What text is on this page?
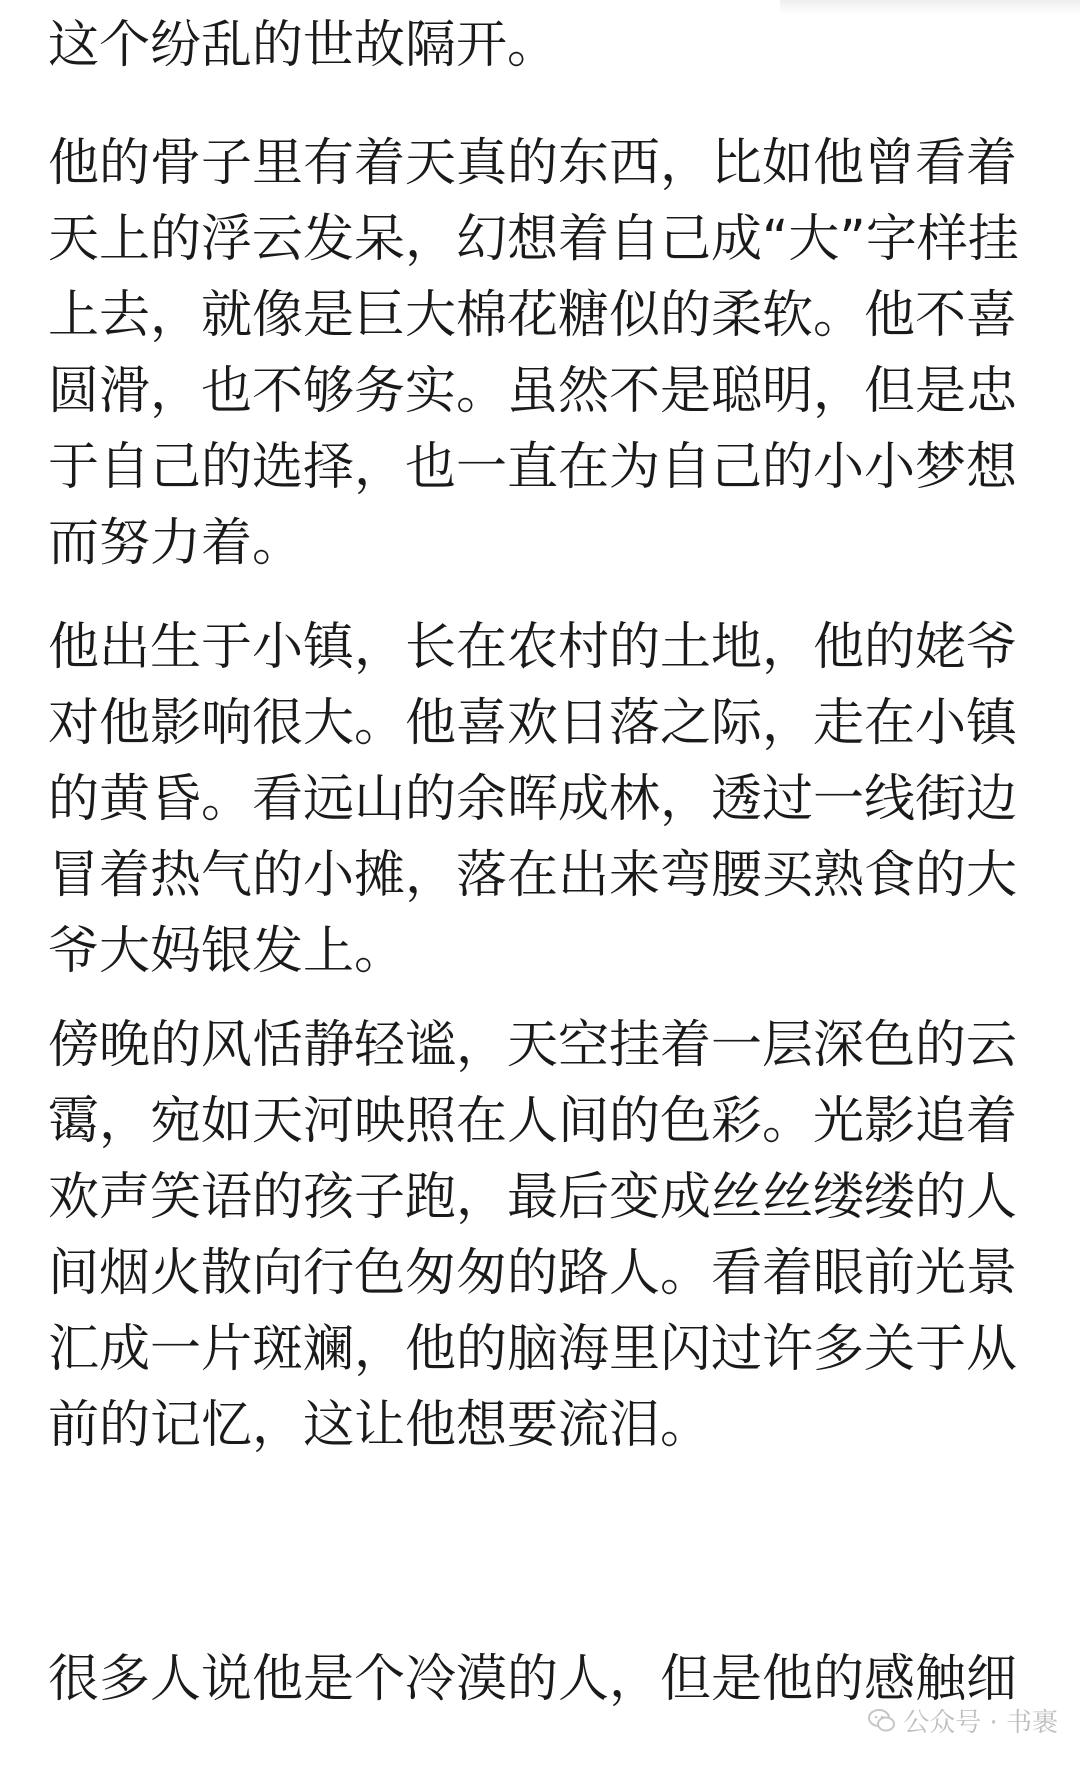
这个纷乱的世故隔开。
他的骨子里有着天真的东西，比如他曾看着
天上的浮云发呆，幻想着自己成“大”字样挂
上去，就像是巨大棉花糖似的柔软。他不喜
圆滑，也不够务实。虽然不是聪明，但是忠
于自己的选择，也一直在为自己的小小梦想
而努力着。
他出生于小镇，长在农村的土地，他的姥爷
对他影响很大。他喜欢日落之际，走在小镇
的黄昏。看远山的余晖成林，透过一线街边
冒着热气的小摊，落在出来弯腰买熟食的大
爷大妈银发上。
傍晚的风恬静轻谧，天空挂着一层深色的云
霭，宛如天河映照在人间的色彩。光影追着
欢声笑语的孩子跑，最后变成丝丝缕缕的人
间烟火散向行色匆匆的路人。看着眼前光景
汇成一片斑斓，他的脑海里闪过许多关于从
前的记忆，这让他想要流泪。
很多人说他是个冷漠的人，但是他的感触细
公众号 · 书裹
